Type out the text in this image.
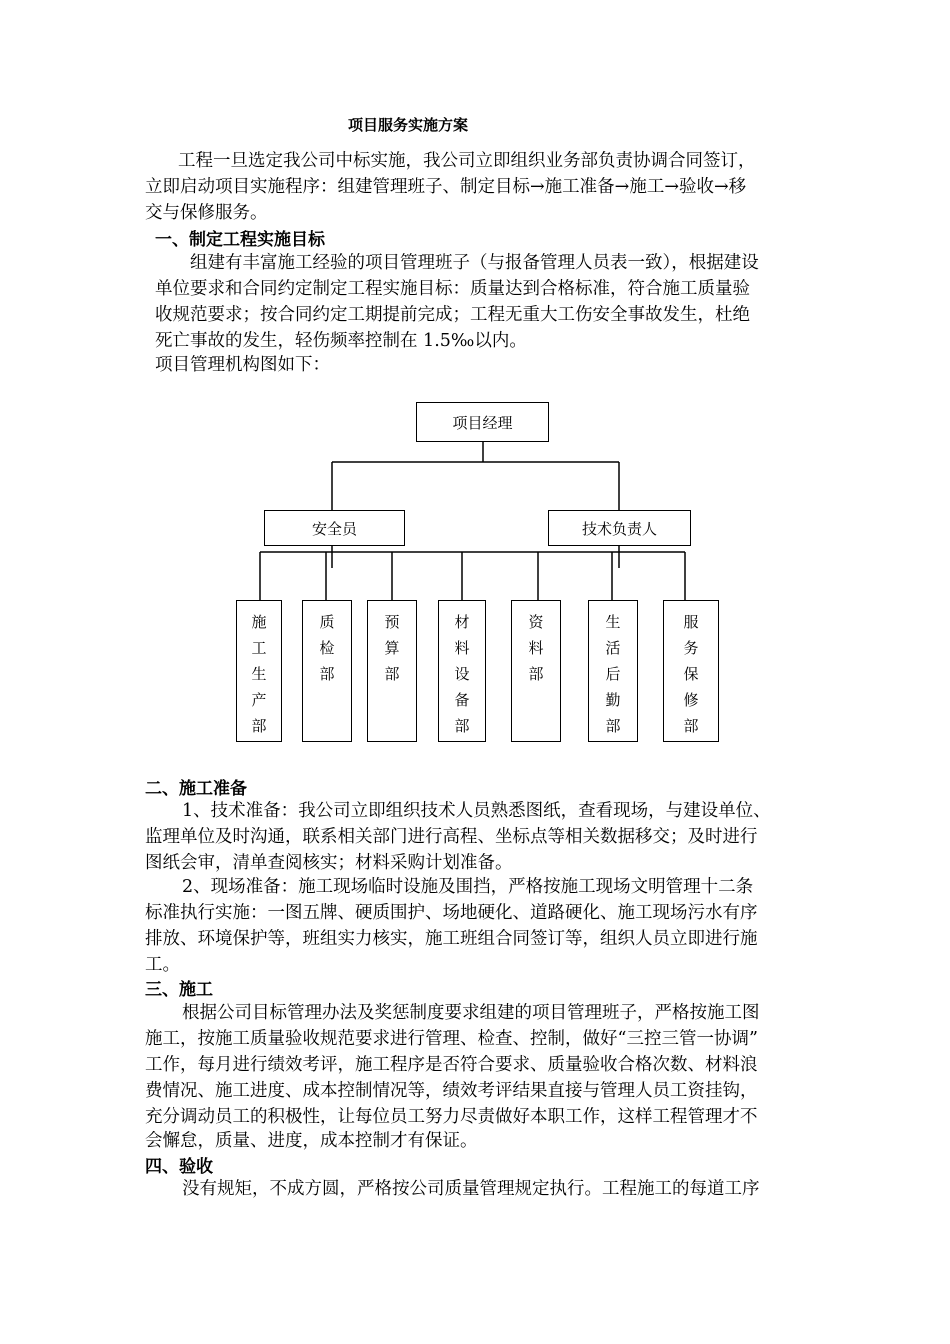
项目服务实施方案
工程一旦选定我公司中标实施，我公司立即组织业务部负责协调合同签订，
立即启动项目实施程序：组建管理班子、制定目标→施工准备→施工→验收→移
交与保修服务。
一、制定工程实施目标
组建有丰富施工经验的项目管理班子（与报备管理人员表一致），根据建设
单位要求和合同约定制定工程实施目标：质量达到合格标准，符合施工质量验
收规范要求；按合同约定工期提前完成；工程无重大工伤安全事故发生，杜绝
死亡事故的发生，轻伤频率控制在 1.5‰以内。
项目管理机构图如下：
项目经理
安全员	技术负责人
施
工
生
产
部
质
检
部
预
算
部
材
料
设
备
部
资
料
部
生
活
后
勤
部
服
务
保
修
部
二、施工准备
1、技术准备：我公司立即组织技术人员熟悉图纸，查看现场，与建设单位、
监理单位及时沟通，联系相关部门进行高程、坐标点等相关数据移交；及时进行
图纸会审，清单查阅核实；材料采购计划准备。
2、现场准备：施工现场临时设施及围挡，严格按施工现场文明管理十二条
标准执行实施：一图五牌、硬质围护、场地硬化、道路硬化、施工现场污水有序
排放、环境保护等，班组实力核实，施工班组合同签订等，组织人员立即进行施
工。
三、施工
根据公司目标管理办法及奖惩制度要求组建的项目管理班子，严格按施工图
施工，按施工质量验收规范要求进行管理、检查、控制，做好“三控三管一协调”
工作，每月进行绩效考评，施工程序是否符合要求、质量验收合格次数、材料浪
费情况、施工进度、成本控制情况等，绩效考评结果直接与管理人员工资挂钩，
充分调动员工的积极性，让每位员工努力尽责做好本职工作，这样工程管理才不
会懈怠，质量、进度，成本控制才有保证。
四、验收
没有规矩，不成方圆，严格按公司质量管理规定执行。工程施工的每道工序
